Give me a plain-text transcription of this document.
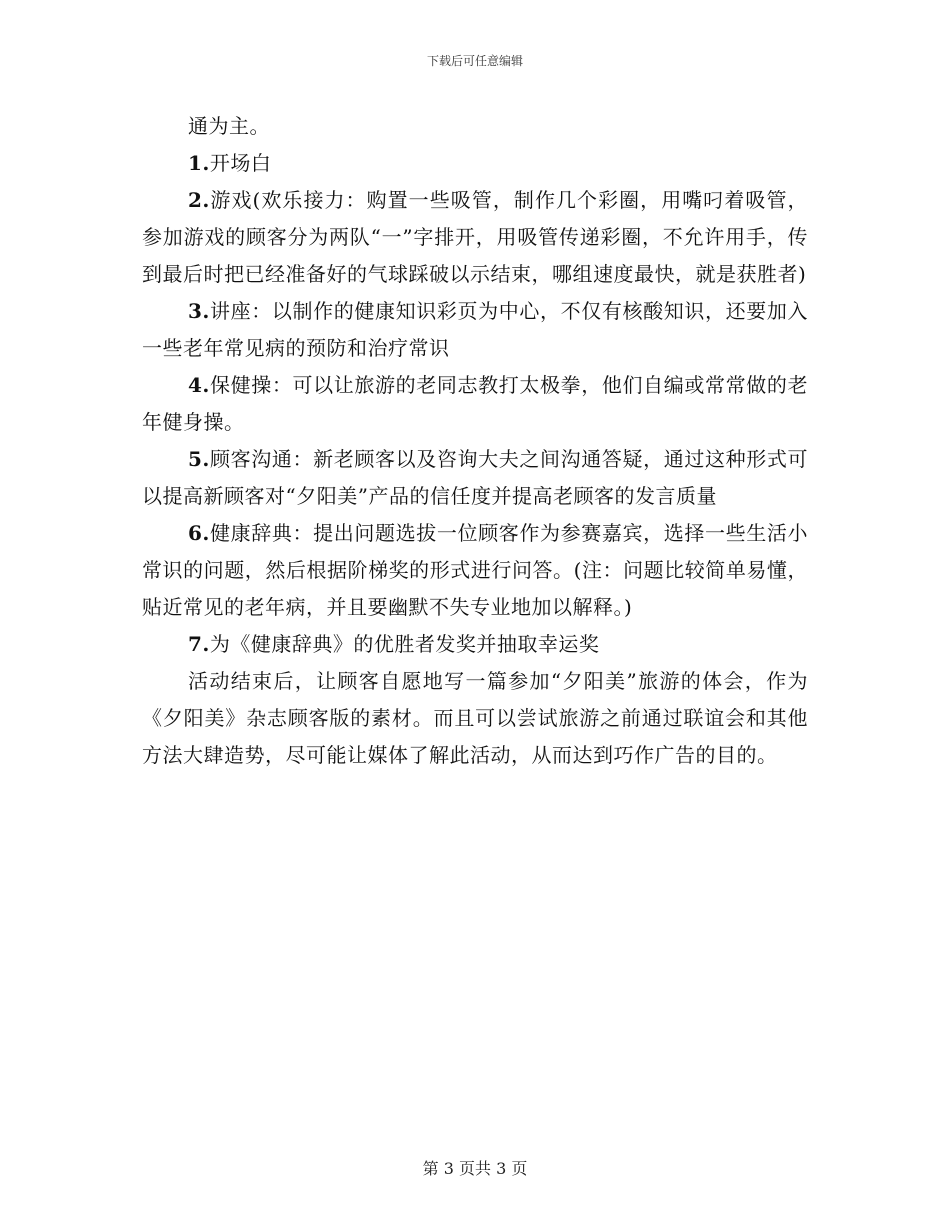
下载后可任意编辑

通为主。

1.开场白

2.游戏(欢乐接力：购置一些吸管，制作几个彩圈，用嘴叼着吸管，参加游戏的顾客分为两队“一”字排开，用吸管传递彩圈，不允许用手，传到最后时把已经准备好的气球踩破以示结束，哪组速度最快，就是获胜者)

3.讲座：以制作的健康知识彩页为中心，不仅有核酸知识，还要加入一些老年常见病的预防和治疗常识

4.保健操：可以让旅游的老同志教打太极拳，他们自编或常常做的老年健身操。

5.顾客沟通：新老顾客以及咨询大夫之间沟通答疑，通过这种形式可以提高新顾客对“夕阳美”产品的信任度并提高老顾客的发言质量

6.健康辞典：提出问题选拔一位顾客作为参赛嘉宾，选择一些生活小常识的问题，然后根据阶梯奖的形式进行问答。(注：问题比较简单易懂，贴近常见的老年病，并且要幽默不失专业地加以解释。)

7.为《健康辞典》的优胜者发奖并抽取幸运奖

活动结束后，让顾客自愿地写一篇参加“夕阳美”旅游的体会，作为《夕阳美》杂志顾客版的素材。而且可以尝试旅游之前通过联谊会和其他方法大肆造势，尽可能让媒体了解此活动，从而达到巧作广告的目的。

第 3 页共 3 页
